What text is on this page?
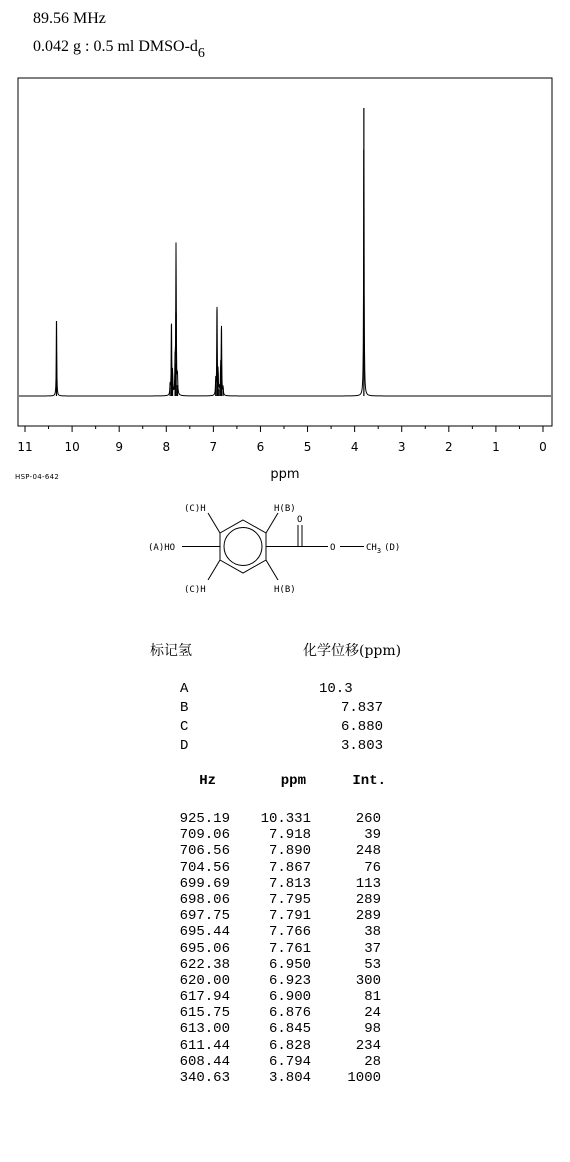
89.56 MHz
0.042 g : 0.5 ml DMSO-$d_6$
11	10	9	8	7	6	5	4	3	2	1	0
ppm
HSP-04-642
(C)H	H(B)
(A)HO
O
O	$CH_3$ (D)
(C)H	H(B)
标记氢	化学位移(ppm)
A	10.3
B	7.837
C	6.880
D	3.803
Hz	ppm	Int.
925.19	10.331	260
709.06	7.918	39
706.56	7.890	248
704.56	7.867	76
699.69	7.813	113
698.06	7.795	289
697.75	7.791	289
695.44	7.766	38
695.06	7.761	37
622.38	6.950	53
620.00	6.923	300
617.94	6.900	81
615.75	6.876	24
613.00	6.845	98
611.44	6.828	234
608.44	6.794	28
340.63	3.804	1000
